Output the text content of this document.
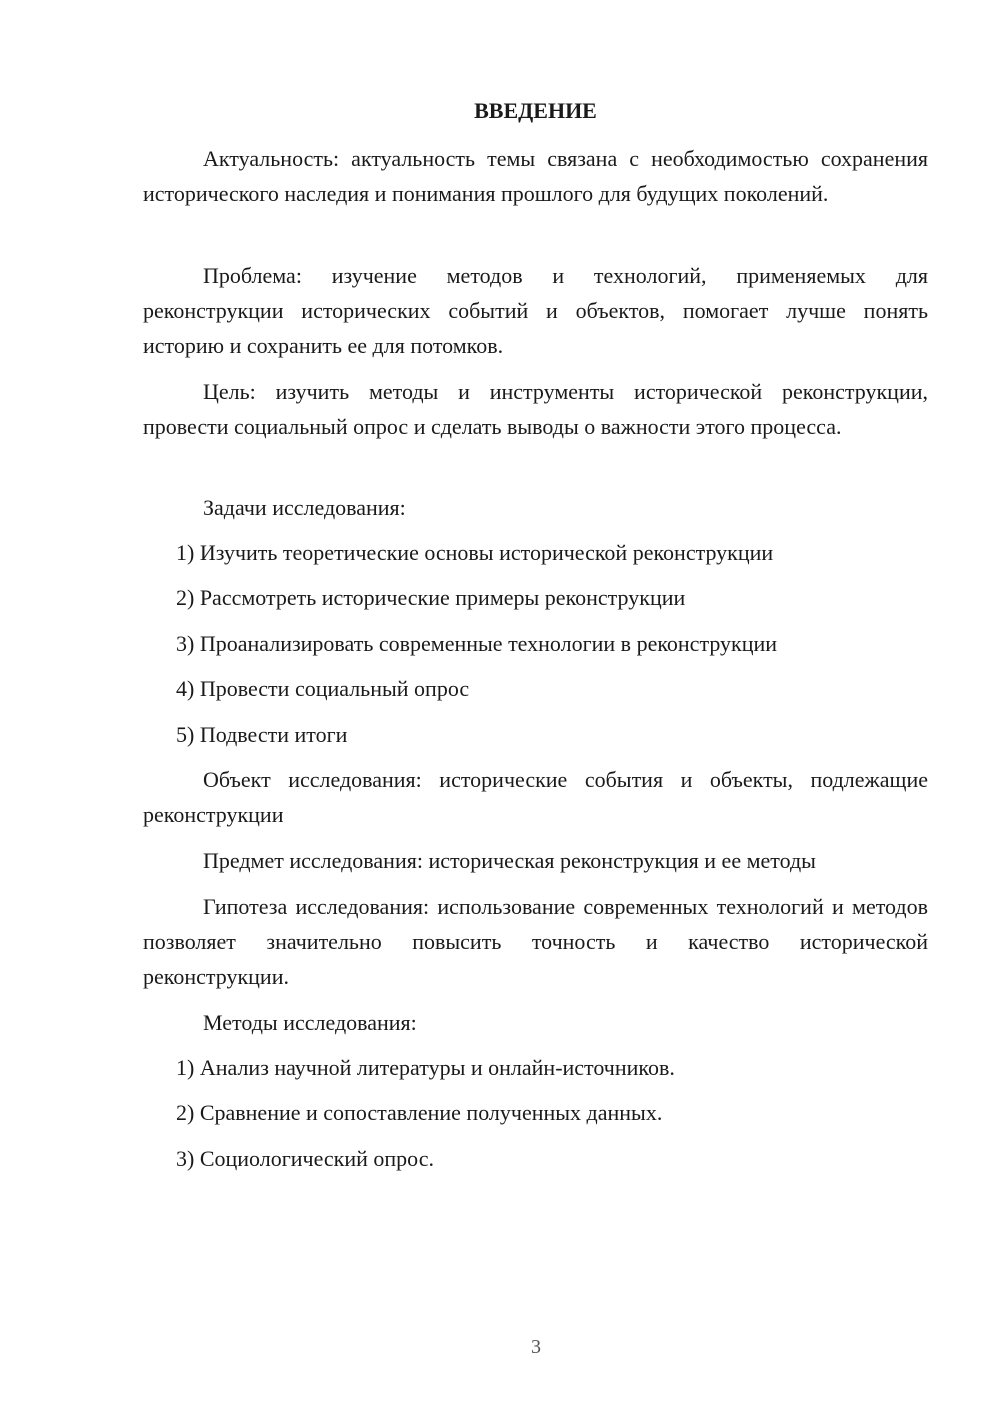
ВВЕДЕНИЕ

Актуальность: актуальность темы связана с необходимостью сохранения исторического наследия и понимания прошлого для будущих поколений.

Проблема: изучение методов и технологий, применяемых для реконструкции исторических событий и объектов, помогает лучше понять историю и сохранить ее для потомков.

Цель: изучить методы и инструменты исторической реконструкции, провести социальный опрос и сделать выводы о важности этого процесса.

Задачи исследования:

1) Изучить теоретические основы исторической реконструкции

2) Рассмотреть исторические примеры реконструкции

3) Проанализировать современные технологии в реконструкции

4) Провести социальный опрос

5) Подвести итоги

Объект исследования: исторические события и объекты, подлежащие реконструкции

Предмет исследования: историческая реконструкция и ее методы

Гипотеза исследования: использование современных технологий и методов позволяет значительно повысить точность и качество исторической реконструкции.

Методы исследования:

1) Анализ научной литературы и онлайн-источников.

2) Сравнение и сопоставление полученных данных.

3) Социологический опрос.

3
